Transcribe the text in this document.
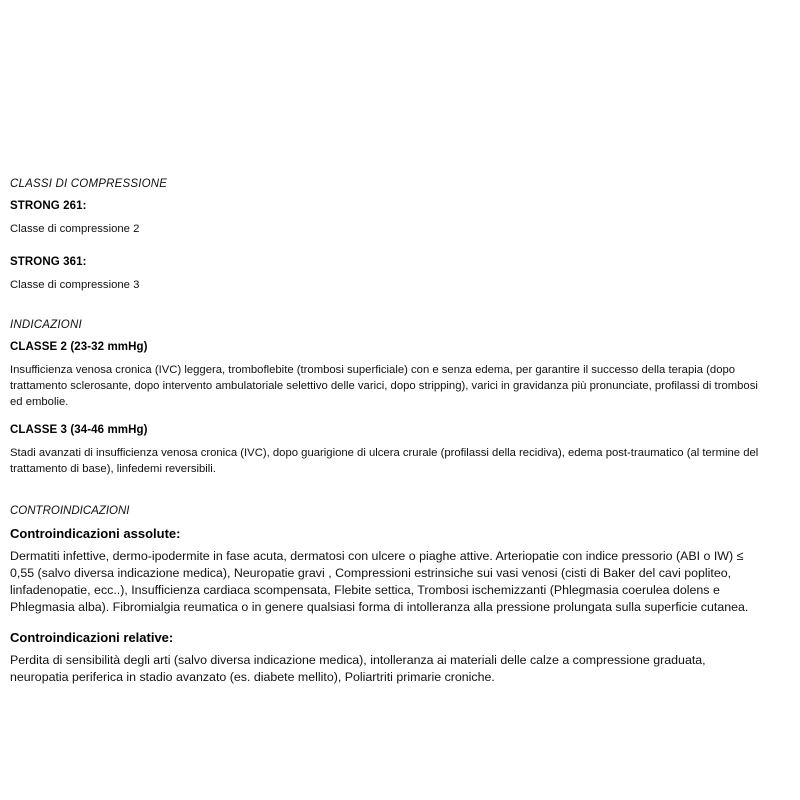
CLASSI DI COMPRESSIONE
STRONG 261:
Classe di compressione 2
STRONG 361:
Classe di compressione 3
INDICAZIONI
CLASSE 2 (23-32 mmHg)
Insufficienza venosa cronica (IVC) leggera, tromboflebite (trombosi superficiale) con e senza edema, per garantire il successo della terapia (dopo trattamento sclerosante, dopo intervento ambulatoriale selettivo delle varici, dopo stripping), varici in gravidanza più pronunciate, profilassi di trombosi ed embolie.
CLASSE 3 (34-46 mmHg)
Stadi avanzati di insufficienza venosa cronica (IVC), dopo guarigione di ulcera crurale (profilassi della recidiva), edema post-traumatico (al termine del trattamento di base), linfedemi reversibili.
CONTROINDICAZIONI
Controindicazioni assolute:
Dermatiti infettive, dermo-ipodermite in fase acuta, dermatosi con ulcere o piaghe attive. Arteriopatie con indice pressorio (ABI o IW) ≤ 0,55 (salvo diversa indicazione medica), Neuropatie gravi , Compressioni estrinsiche sui vasi venosi (cisti di Baker del cavi popliteo, linfadenopatie, ecc..), Insufficienza cardiaca scompensata, Flebite settica, Trombosi ischemizzanti (Phlegmasia coerulea dolens e Phlegmasia alba). Fibromialgia reumatica o in genere qualsiasi forma di intolleranza alla pressione prolungata sulla superficie cutanea.
Controindicazioni relative:
Perdita di sensibilità degli arti (salvo diversa indicazione medica), intolleranza ai materiali delle calze a compressione graduata, neuropatia periferica in stadio avanzato (es. diabete mellito), Poliartriti primarie croniche.
